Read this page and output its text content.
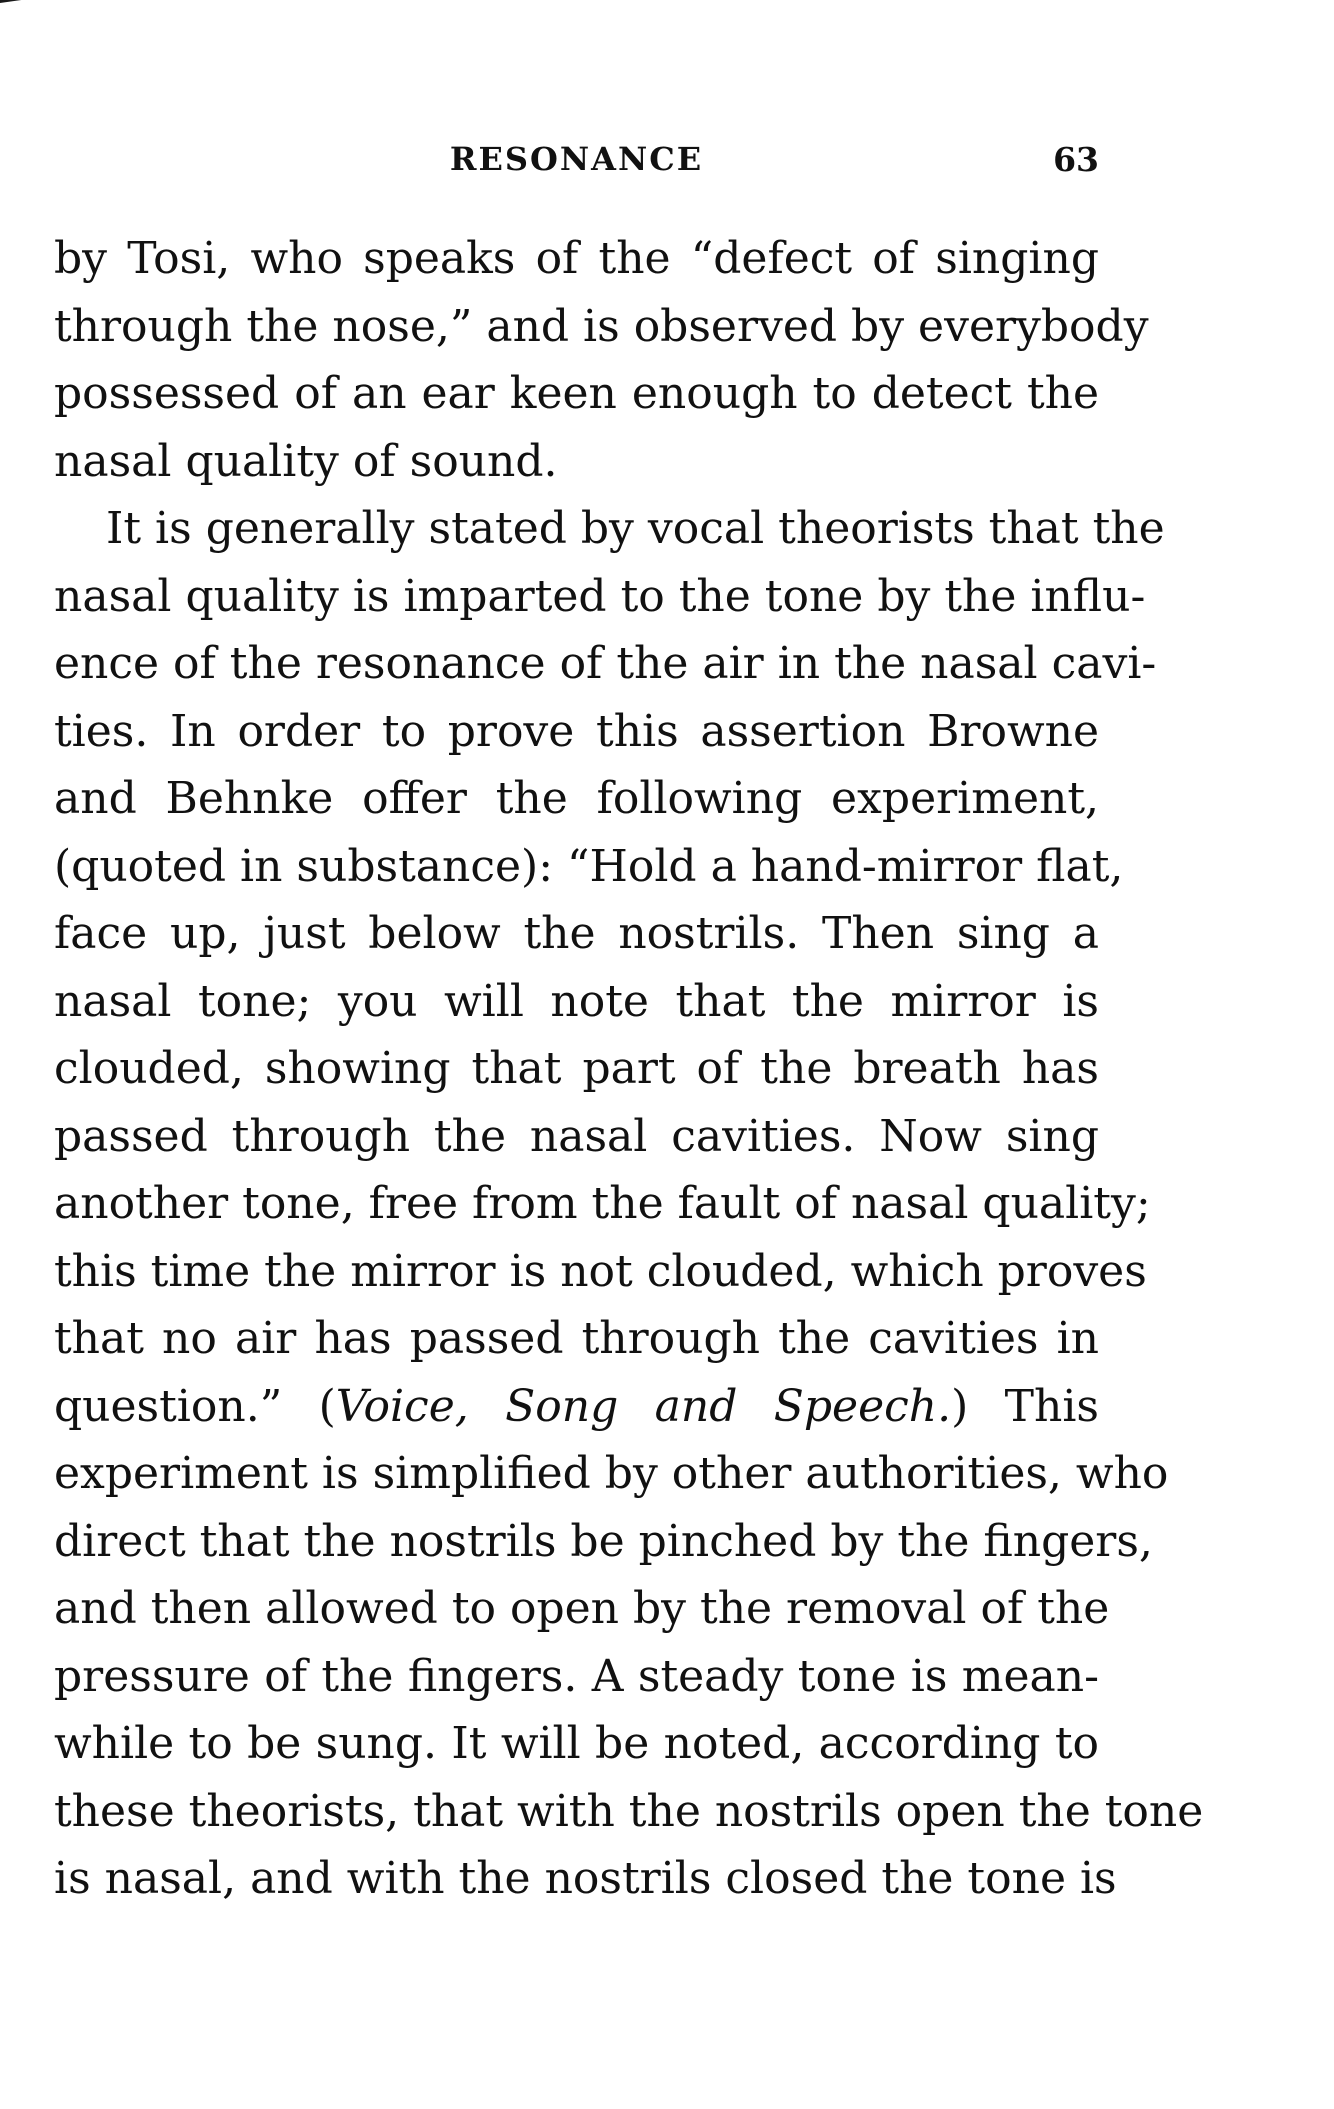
RESONANCE	63
by Tosi, who speaks of the “defect of singing
through the nose,” and is observed by everybody
possessed of an ear keen enough to detect the
nasal quality of sound.
It is generally stated by vocal theorists that the
nasal quality is imparted to the tone by the influ-
ence of the resonance of the air in the nasal cavi-
ties. In order to prove this assertion Browne
and Behnke offer the following experiment,
(quoted in substance): “Hold a hand-mirror flat,
face up, just below the nostrils. Then sing a
nasal tone; you will note that the mirror is
clouded, showing that part of the breath has
passed through the nasal cavities. Now sing
another tone, free from the fault of nasal quality;
this time the mirror is not clouded, which proves
that no air has passed through the cavities in
question.” (Voice, Song and Speech.) This
experiment is simplified by other authorities, who
direct that the nostrils be pinched by the fingers,
and then allowed to open by the removal of the
pressure of the fingers. A steady tone is mean-
while to be sung. It will be noted, according to
these theorists, that with the nostrils open the tone
is nasal, and with the nostrils closed the tone is
